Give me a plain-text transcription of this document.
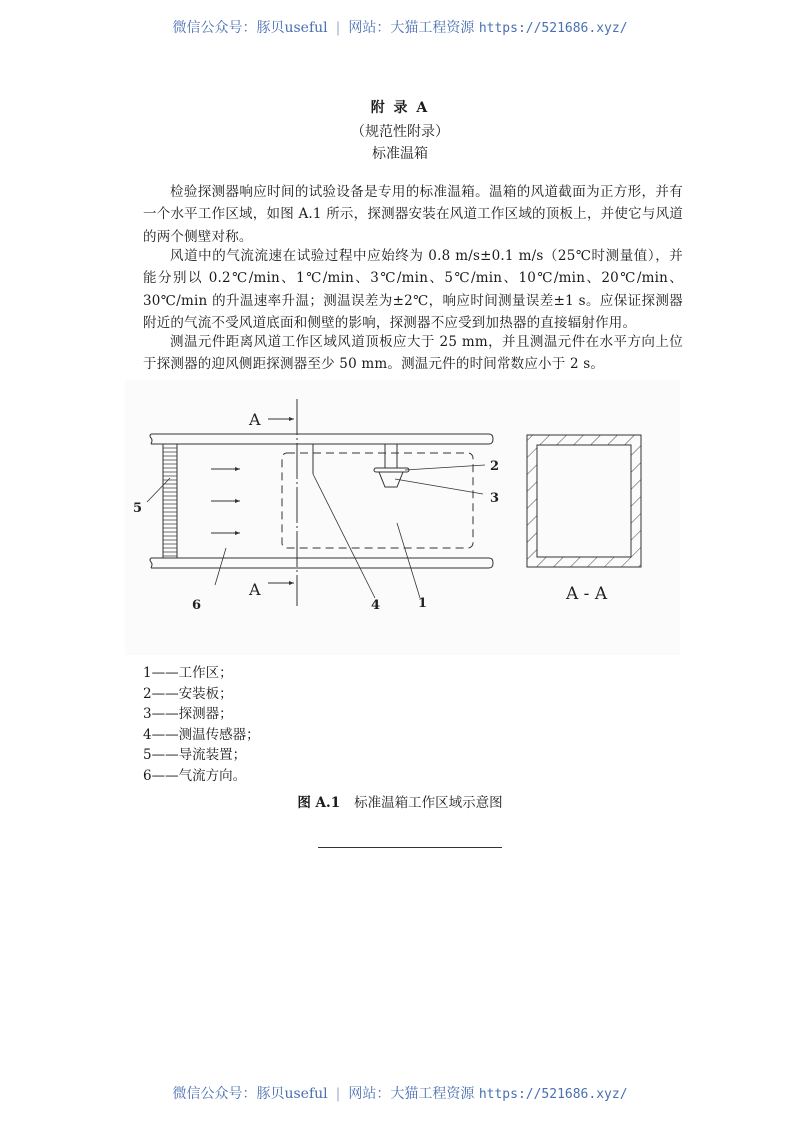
微信公众号：豚贝useful | 网站：大猫工程资源 https://521686.xyz/
附 录 A
（规范性附录）
标准温箱
检验探测器响应时间的试验设备是专用的标准温箱。温箱的风道截面为正方形，并有一个水平工作区域，如图 A.1 所示，探测器安装在风道工作区域的顶板上，并使它与风道的两个侧壁对称。
风道中的气流流速在试验过程中应始终为 0.8 m/s±0.1 m/s（25℃时测量值），并能分别以 0.2℃/min、1℃/min、3℃/min、5℃/min、10℃/min、20℃/min、30℃/min 的升温速率升温；测温误差为±2℃，响应时间测量误差±1 s。应保证探测器附近的气流不受风道底面和侧壁的影响，探测器不应受到加热器的直接辐射作用。
测温元件距离风道工作区域风道顶板应大于 25 mm，并且测温元件在水平方向上位于探测器的迎风侧距探测器至少 50 mm。测温元件的时间常数应小于 2 s。
A
A
5
6	4	1
2
3
A - A
1——工作区；
2——安装板；
3——探测器；
4——测温传感器；
5——导流装置；
6——气流方向。
图 A.1 标准温箱工作区域示意图
微信公众号：豚贝useful | 网站：大猫工程资源 https://521686.xyz/
